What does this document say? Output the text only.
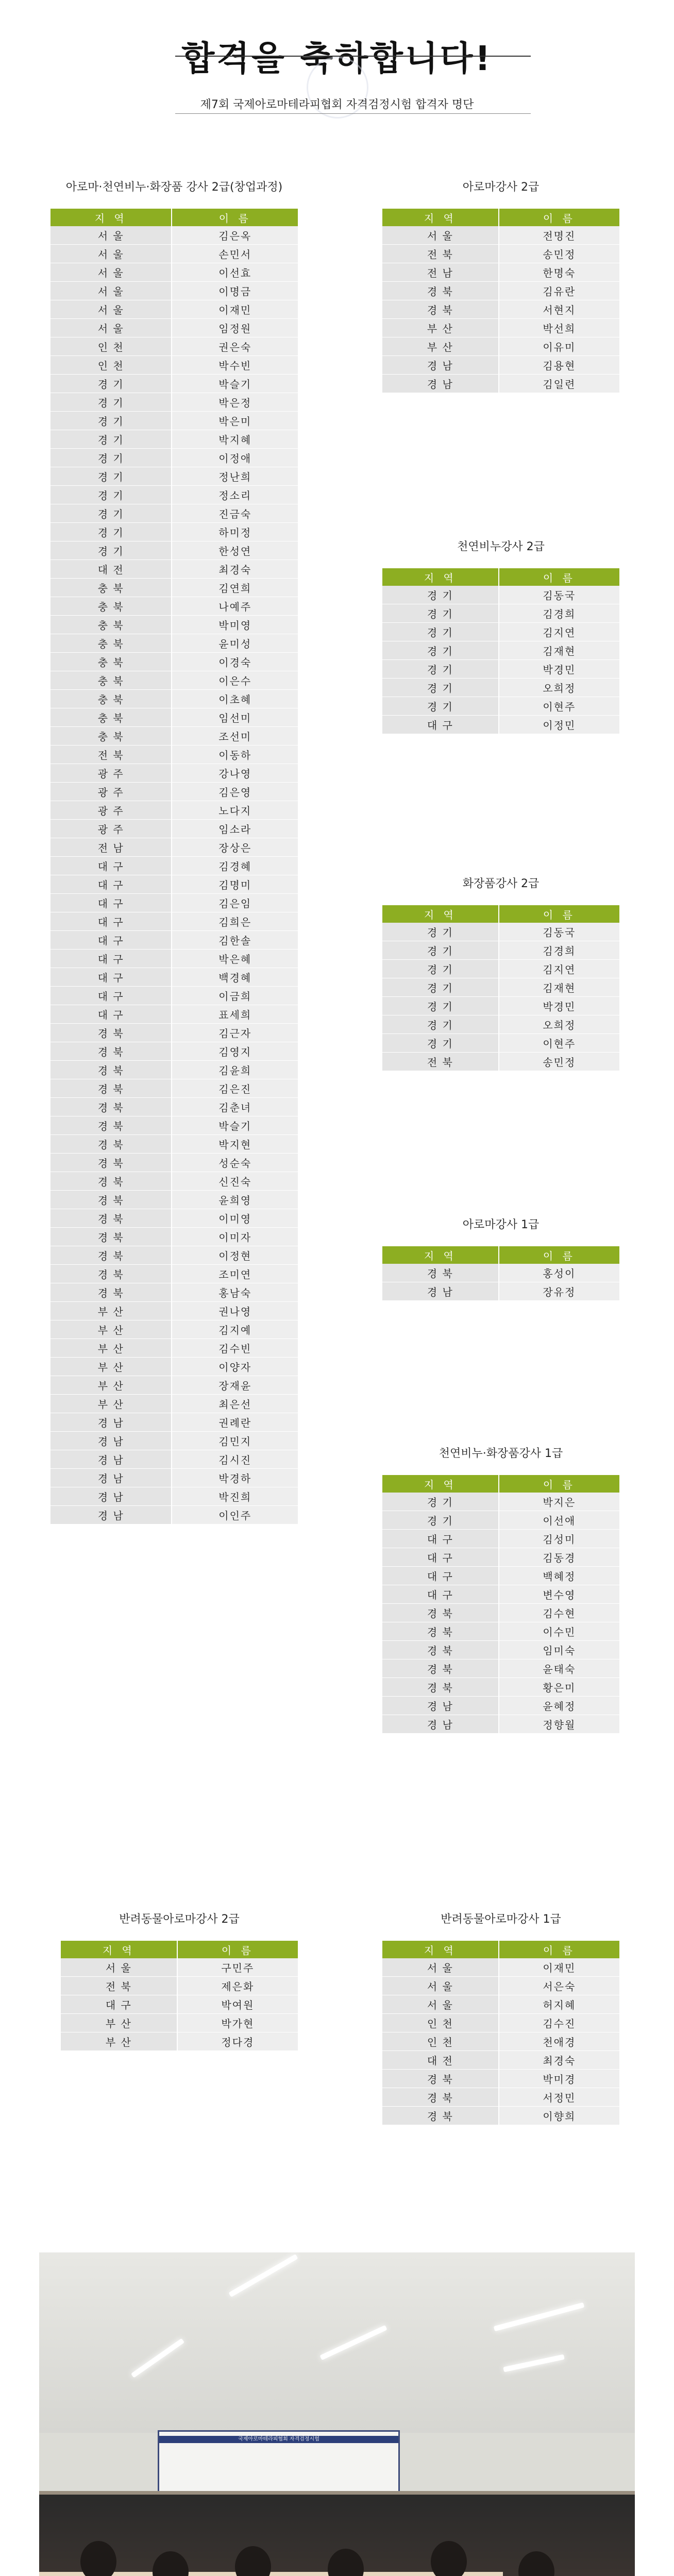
합격을 축하합니다!
제7회 국제아로마테라피협회 자격검정시험 합격자 명단
아로마·천연비누·화장품 강사 2급(창업과정)
지 역	이 름
서 울	김은옥
서 울	손민서
서 울	이선효
서 울	이명금
서 울	이재민
서 울	임정원
인 천	권은숙
인 천	박수빈
경 기	박슬기
경 기	박은정
경 기	박은미
경 기	박지혜
경 기	이정애
경 기	정난희
경 기	정소리
경 기	진금숙
경 기	하미정
경 기	한성연
대 전	최경숙
충 북	김연희
충 북	나예주
충 북	박미영
충 북	윤미성
충 북	이경숙
충 북	이은수
충 북	이초혜
충 북	임선미
충 북	조선미
전 북	이동하
광 주	강나영
광 주	김은영
광 주	노다지
광 주	임소라
전 남	장상은
대 구	김경혜
대 구	김명미
대 구	김은임
대 구	김희은
대 구	김한솔
대 구	박은혜
대 구	백경혜
대 구	이금희
대 구	표세희
경 북	김근자
경 북	김영지
경 북	김윤희
경 북	김은진
경 북	김춘녀
경 북	박슬기
경 북	박지현
경 북	성순숙
경 북	신진숙
경 북	윤희영
경 북	이미영
경 북	이미자
경 북	이정현
경 북	조미연
경 북	홍남숙
부 산	권나영
부 산	김지예
부 산	김수빈
부 산	이양자
부 산	장재윤
부 산	최은선
경 남	권례란
경 남	김민지
경 남	김시진
경 남	박경하
경 남	박진희
경 남	이인주
아로마강사 2급
지 역	이 름
서 울	전명진
전 북	송민정
전 남	한명숙
경 북	김유란
경 북	서현지
부 산	박선희
부 산	이유미
경 남	김용현
경 남	김일련
천연비누강사 2급
지 역	이 름
경 기	김동국
경 기	김경희
경 기	김지연
경 기	김재현
경 기	박경민
경 기	오희정
경 기	이현주
대 구	이정민
화장품강사 2급
지 역	이 름
경 기	김동국
경 기	김경희
경 기	김지연
경 기	김재현
경 기	박경민
경 기	오희정
경 기	이현주
전 북	송민정
아로마강사 1급
지 역	이 름
경 북	홍성이
경 남	장유정
천연비누·화장품강사 1급
지 역	이 름
경 기	박지은
경 기	이선애
대 구	김성미
대 구	김동경
대 구	백혜정
대 구	변수영
경 북	김수현
경 북	이수민
경 북	임미숙
경 북	윤태숙
경 북	황은미
경 남	윤혜정
경 남	정향월
반려동물아로마강사 2급
지 역	이 름
서 울	구민주
전 북	제은화
대 구	박여원
부 산	박가현
부 산	정다경
반려동물아로마강사 1급
지 역	이 름
서 울	이재민
서 울	서은숙
서 울	허지혜
인 천	김수진
인 천	천애경
대 전	최경숙
경 북	박미경
경 북	서정민
경 북	이향희
국제아로마테라피협회 자격검정시험
